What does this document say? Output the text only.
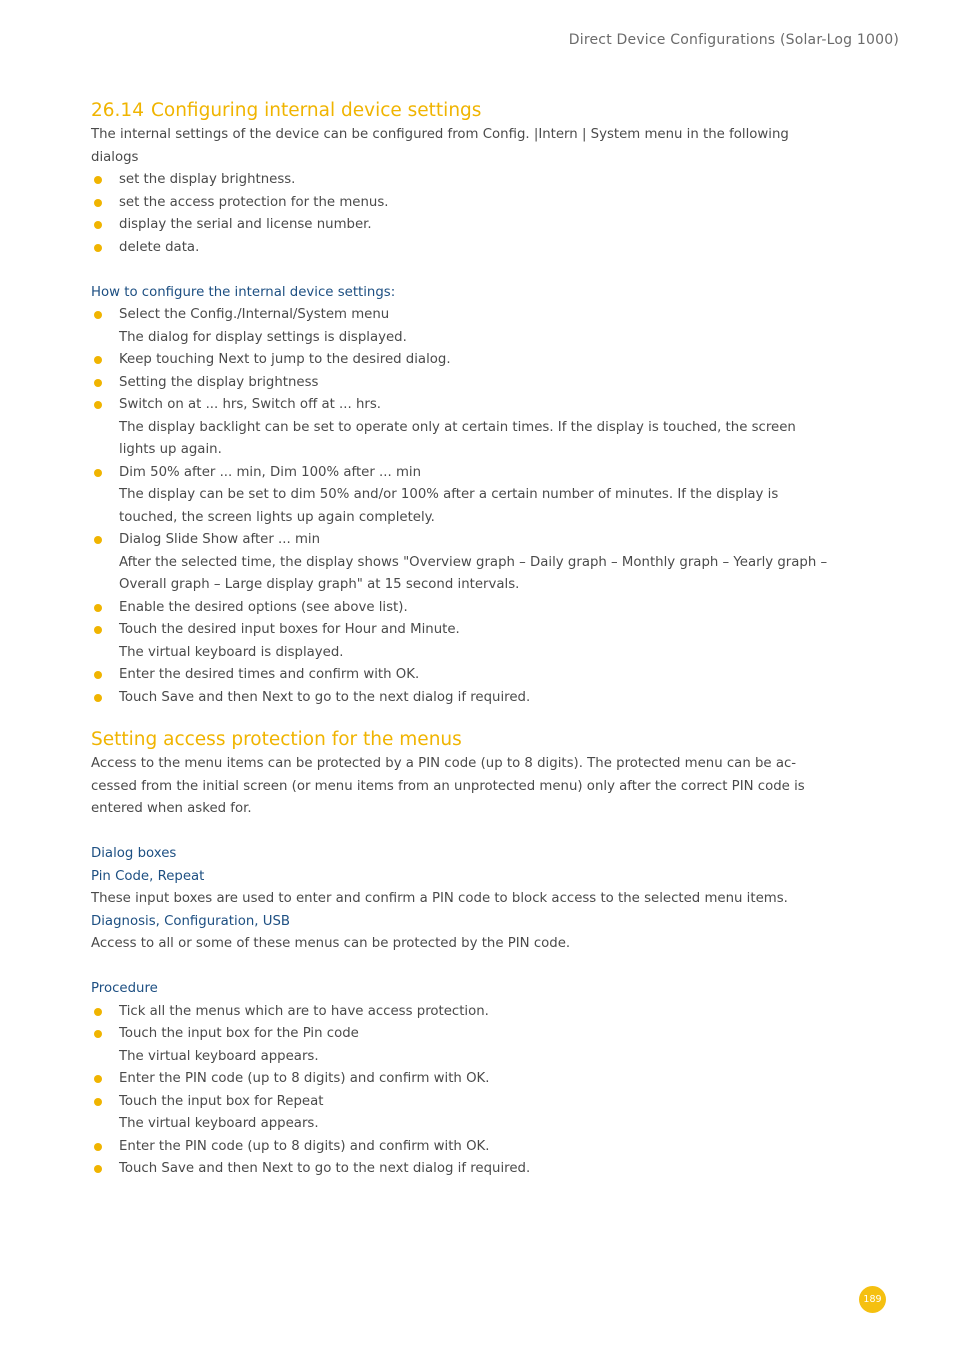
Direct Device Configurations (Solar-Log 1000)
26.14 Configuring internal device settings

The internal settings of the device can be configured from Config. |Intern | System menu in the following dialogs

set the display brightness.
set the access protection for the menus.
display the serial and license number.
delete data.

How to configure the internal device settings:

Select the Config./Internal/System menu

The dialog for display settings is displayed.

Keep touching Next to jump to the desired dialog.
Setting the display brightness
Switch on at ... hrs, Switch off at ... hrs.

The display backlight can be set to operate only at certain times. If the display is touched, the screen lights up again.

Dim 50% after ... min, Dim 100% after ... min

The display can be set to dim 50% and/or 100% after a certain number of minutes. If the display is touched, the screen lights up again completely.

Dialog Slide Show after ... min

After the selected time, the display shows "Overview graph – Daily graph – Monthly graph – Yearly graph – Overall graph – Large display graph" at 15 second intervals.

Enable the desired options (see above list).
Touch the desired input boxes for Hour and Minute.

The virtual keyboard is displayed.

Enter the desired times and confirm with OK.
Touch Save and then Next to go to the next dialog if required.
Setting access protection for the menus

Access to the menu items can be protected by a PIN code (up to 8 digits). The protected menu can be ac- cessed from the initial screen (or menu items from an unprotected menu) only after the correct PIN code is entered when asked for.

Dialog boxes

Pin Code, Repeat

These input boxes are used to enter and confirm a PIN code to block access to the selected menu items.

Diagnosis, Configuration, USB

Access to all or some of these menus can be protected by the PIN code.

Procedure

Tick all the menus which are to have access protection.
Touch the input box for the Pin code

The virtual keyboard appears.

Enter the PIN code (up to 8 digits) and confirm with OK.
Touch the input box for Repeat

The virtual keyboard appears.

Enter the PIN code (up to 8 digits) and confirm with OK.
Touch Save and then Next to go to the next dialog if required.
189
